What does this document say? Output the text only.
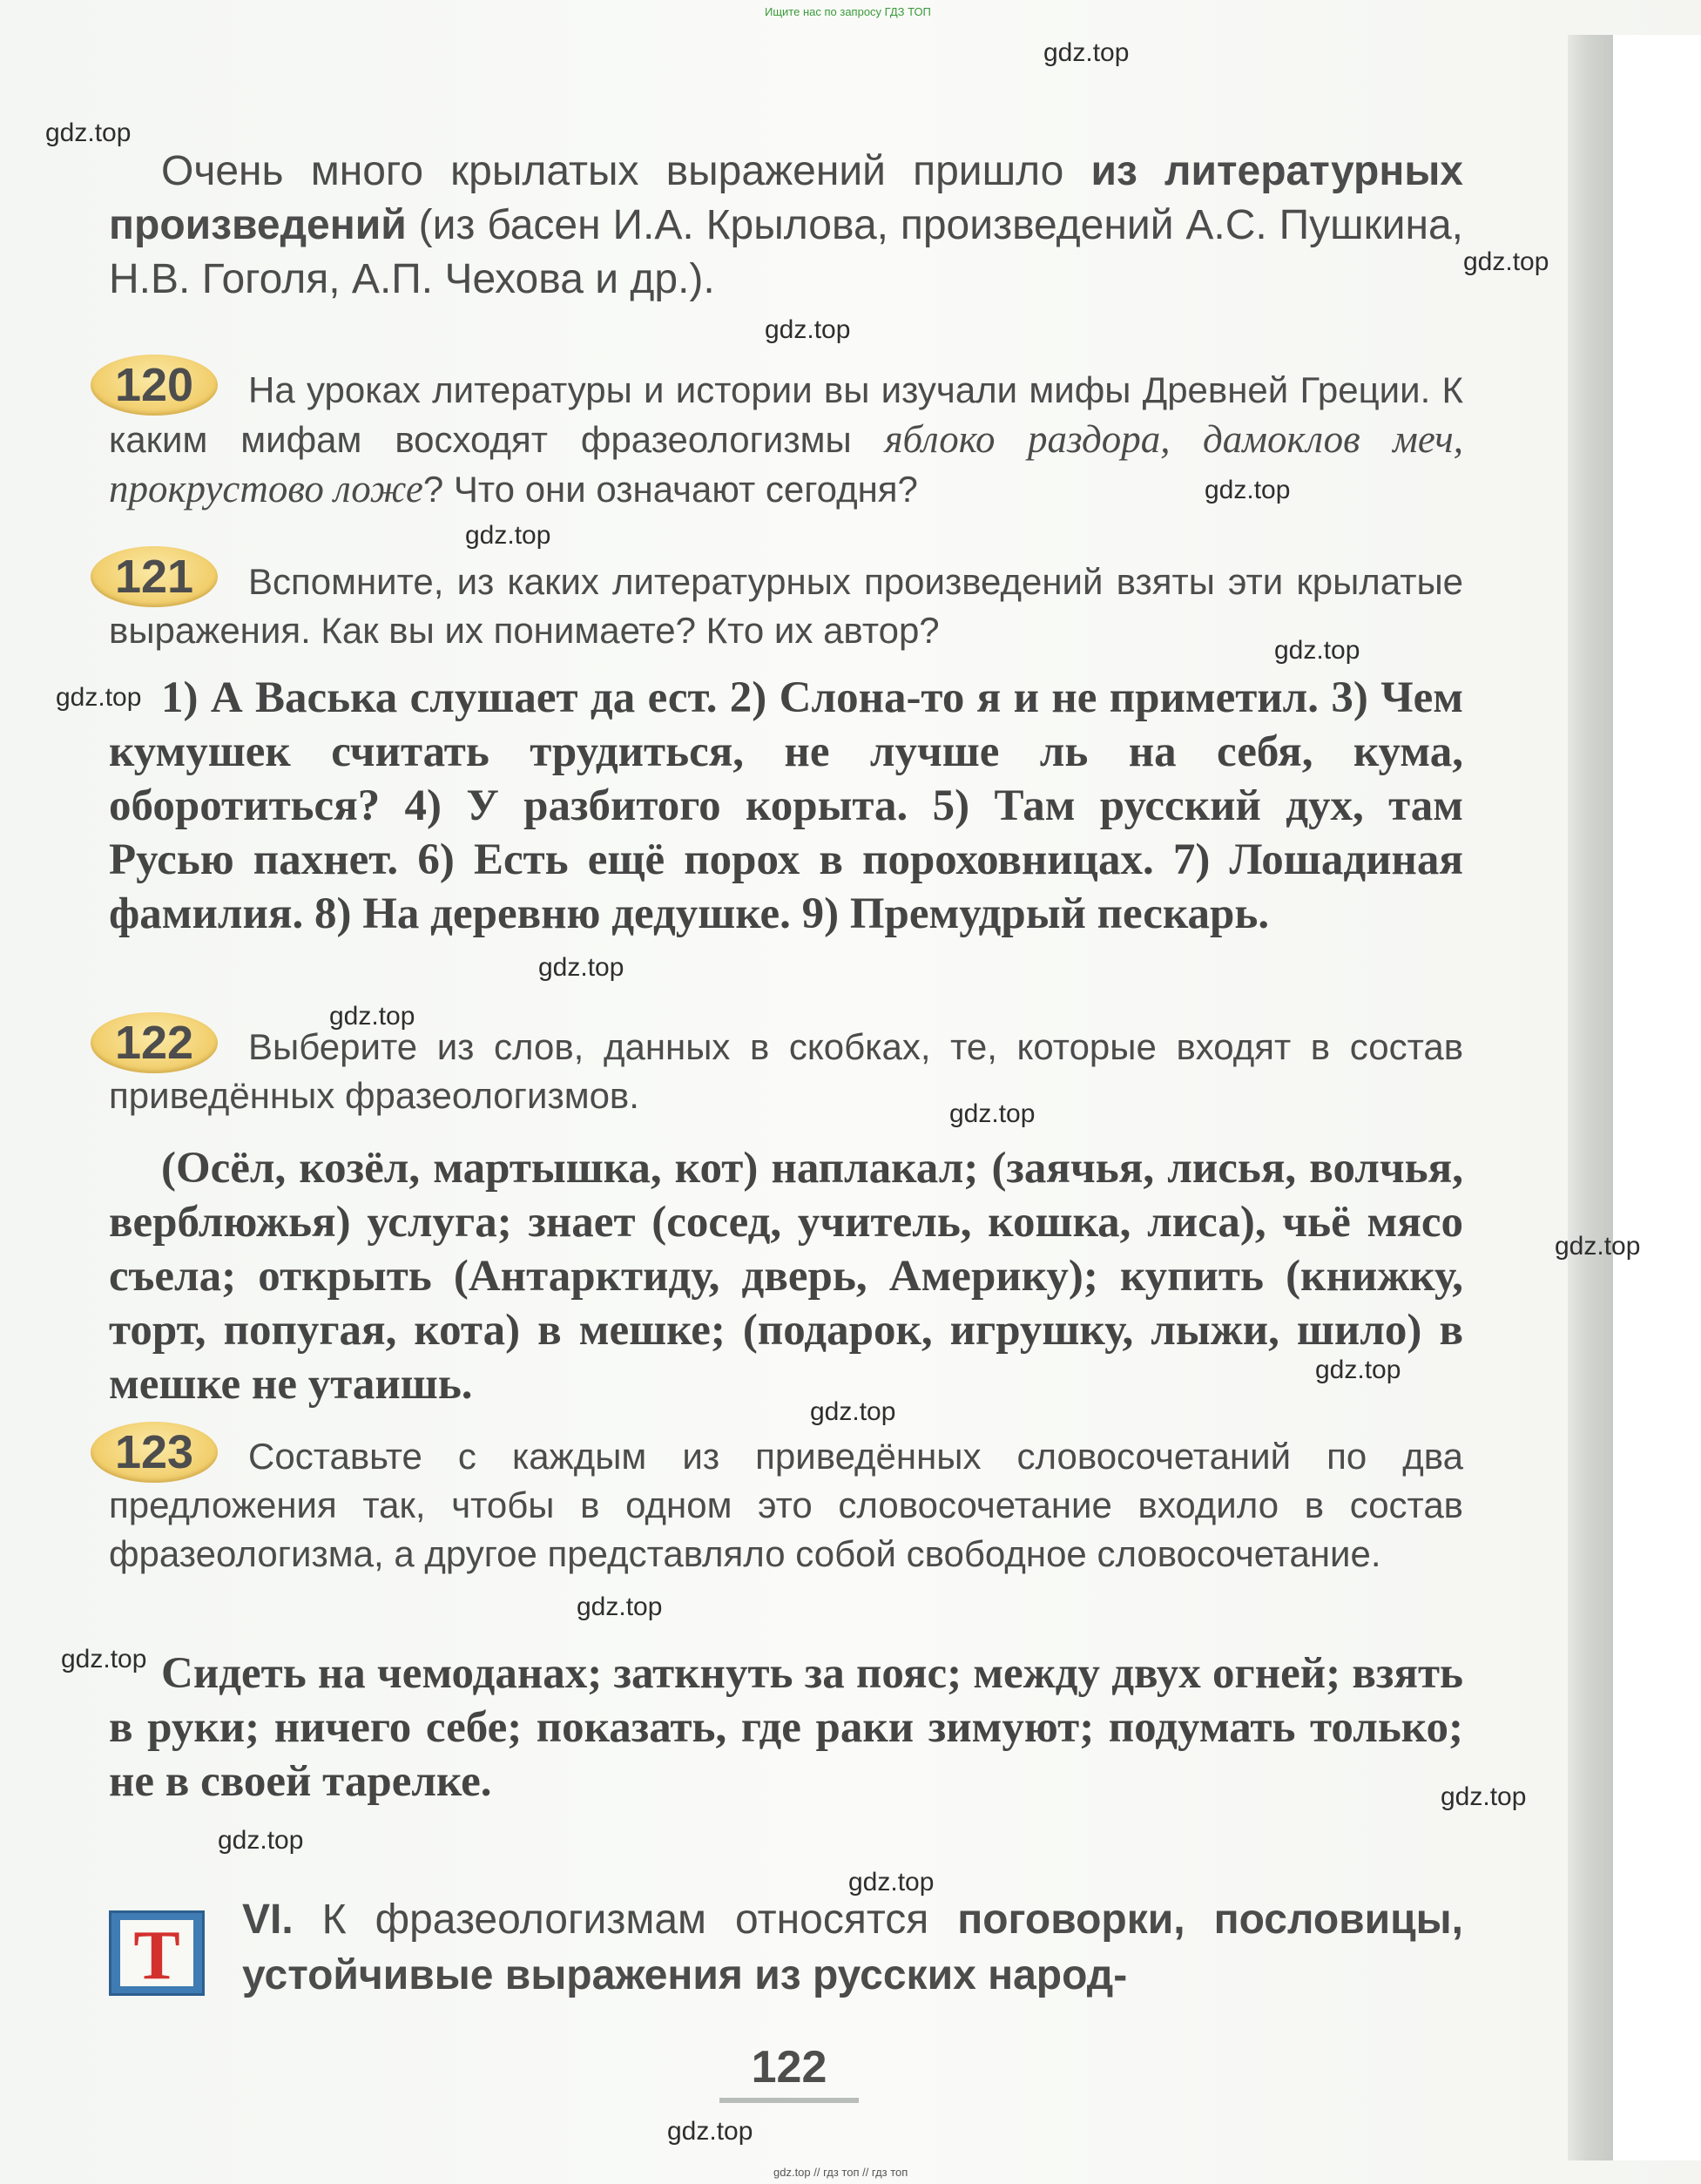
Ищите нас по запросу ГДЗ ТОП
gdz.top
gdz.top
gdz.top
gdz.top
gdz.top
gdz.top
gdz.top
gdz.top
gdz.top
gdz.top
gdz.top
gdz.top
gdz.top
gdz.top
gdz.top
gdz.top
gdz.top
gdz.top
gdz.top
gdz.top
Очень много крылатых выражений пришло из литературных произведений (из басен И.А. Крылова, произведений А.С. Пушкина, Н.В. Гоголя, А.П. Чехова и др.).
120	На уроках литературы и истории вы изучали мифы Древней Греции. К каким мифам восходят фразеологизмы яблоко раздора, дамоклов меч, прокрустово ложе? Что они означают сегодня?
121	Вспомните, из каких литературных произведений взяты эти крылатые выражения. Как вы их понимаете? Кто их автор?
1) А Васька слушает да ест. 2) Слона-то я и не приметил. 3) Чем кумушек считать трудиться, не лучше ль на себя, кума, оборотиться? 4) У разбитого корыта. 5) Там русский дух, там Русью пахнет. 6) Есть ещё порох в пороховницах. 7) Лошадиная фамилия. 8) На деревню дедушке. 9) Премудрый пескарь.
122	Выберите из слов, данных в скобках, те, которые входят в состав приведённых фразеологизмов.
(Осёл, козёл, мартышка, кот) наплакал; (заячья, лисья, волчья, верблюжья) услуга; знает (сосед, учитель, кошка, лиса), чьё мясо съела; открыть (Антарктиду, дверь, Америку); купить (книжку, торт, попугая, кота) в мешке; (подарок, игрушку, лыжи, шило) в мешке не утаишь.
123	Составьте с каждым из приведённых словосочетаний по два предложения так, чтобы в одном это словосочетание входило в состав фразеологизма, а другое представляло собой свободное словосочетание.
Сидеть на чемоданах; заткнуть за пояс; между двух огней; взять в руки; ничего себе; показать, где раки зимуют; подумать только; не в своей тарелке.
Т	VI. К фразеологизмам относятся поговорки, пословицы, устойчивые выражения из русских народ-
122
gdz.top // гдз топ // гдз топ
